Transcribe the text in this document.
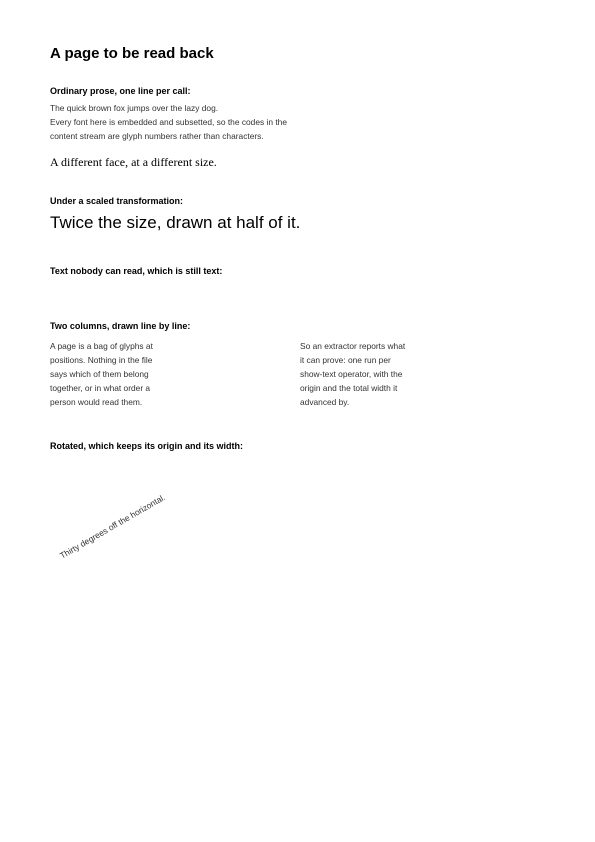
A page to be read back
Ordinary prose, one line per call:
The quick brown fox jumps over the lazy dog.
Every font here is embedded and subsetted, so the codes in the
content stream are glyph numbers rather than characters.
A different face, at a different size.
Under a scaled transformation:
Twice the size, drawn at half of it.
Text nobody can read, which is still text:
Two columns, drawn line by line:
A page is a bag of glyphs at
positions. Nothing in the file
says which of them belong
together, or in what order a
person would read them.
So an extractor reports what
it can prove: one run per
show-text operator, with the
origin and the total width it
advanced by.
Rotated, which keeps its origin and its width:
Thirty degrees off the horizontal.
